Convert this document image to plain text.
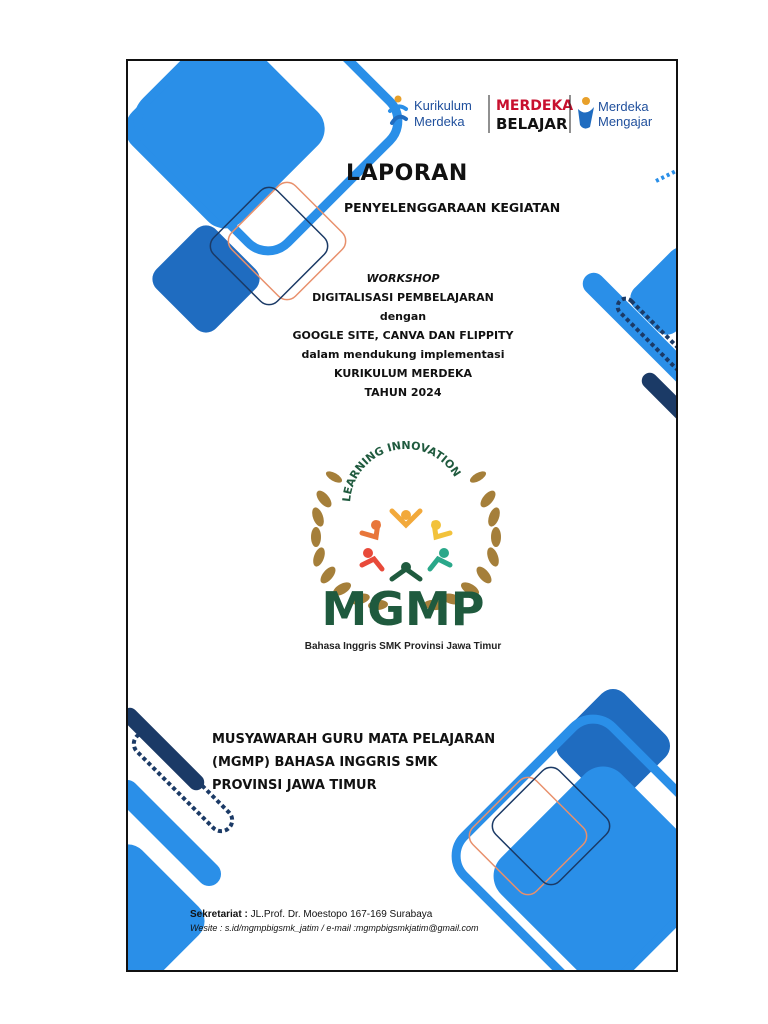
Kurikulum
Merdeka
MERDEKA
BELAJAR
Merdeka
Mengajar
LAPORAN
PENYELENGGARAAN KEGIATAN
WORKSHOP
DIGITALISASI PEMBELAJARAN
dengan
GOOGLE SITE, CANVA DAN FLIPPITY
dalam mendukung implementasi
KURIKULUM MERDEKA
TAHUN 2024
LEARNING INNOVATION
MGMP
Bahasa Inggris SMK Provinsi Jawa Timur
MUSYAWARAH GURU MATA PELAJARAN
(MGMP) BAHASA INGGRIS SMK
PROVINSI JAWA TIMUR
Sekretariat : JL.Prof. Dr. Moestopo 167-169 Surabaya
Wesite : s.id/mgmpbigsmk_jatim / e-mail :mgmpbigsmkjatim@gmail.com
